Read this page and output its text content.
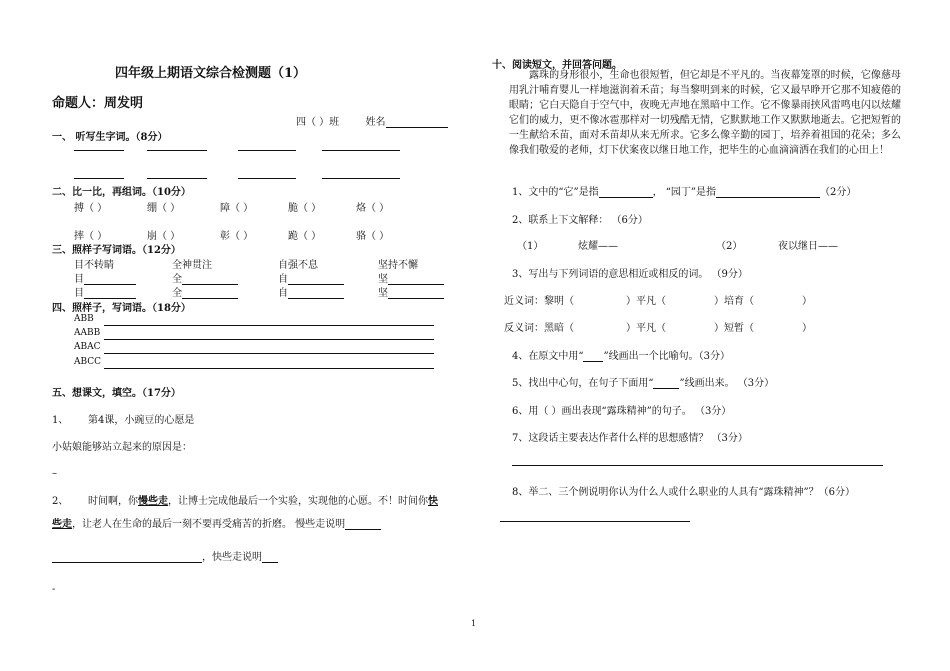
四年级上期语文综合检测题（1）
命题人：周发明
四（ ）班	姓名
一、 听写生字词。（8分）
二、比一比，再组词。（10分）
搏（ ）	绷（ ）	障（ ）	脆（ ）	烙（ ）
摔（ ）	崩（ ）	彰（ ）	跪（ ）	骆（ ）
三、照样子写词语。（12分）
目不转睛	全神贯注	自强不息	坚持不懈
目	全	自	坚
目	全	自	坚
四、照样子，写词语。（18分）
ABB
AABB
ABAC
ABCC
五、想课文，填空。（17分）
1、 第4课，小豌豆的心愿是
小姑娘能够站立起来的原因是：
–
2、 时间啊，你慢些走，让博士完成他最后一个实验，实现他的心愿。不！时间你快
些走，让老人在生命的最后一刻不要再受痛苦的折磨。 慢些走说明
，快些走说明
-
十、阅读短文，并回答问题。
露珠的身形很小，生命也很短暂，但它却是不平凡的。当夜幕笼罩的时候，它像慈母用乳汁哺育婴儿一样地滋润着禾苗；每当黎明到来的时候，它又最早睁开它那不知疲倦的眼睛；它白天隐自于空气中，夜晚无声地在黑暗中工作。它不像暴雨挟风雷鸣电闪以炫耀它们的威力，更不像冰雹那样对一切残酷无情，它默默地工作又默默地逝去。它把短暂的一生献给禾苗，面对禾苗却从来无所求。它多么像辛勤的园丁，培养着祖国的花朵；多么像我们敬爱的老师，灯下伏案夜以继日地工作，把毕生的心血滴滴洒在我们的心田上！
1、文中的“它”是指	， “园丁”是指	（2分）
2、联系上下文解释： （6分）
（1）	炫耀——	（2）	夜以继日——
3、写出与下列词语的意思相近或相反的词。 （9分）
近义词：黎明（	）平凡（	）培育（	）
反义词：黑暗（	）平凡（	）短暂（	）
4、在原文中用“ ”线画出一个比喻句。（3分）
5、找出中心句，在句子下面用“	”线画出来。 （3分）
6、用（ ）画出表现“露珠精神”的句子。 （3分）
7、这段话主要表达作者什么样的思想感情？ （3分）
8、举二、三个例说明你认为什么人或什么职业的人具有“露珠精神”？（6分）
1
